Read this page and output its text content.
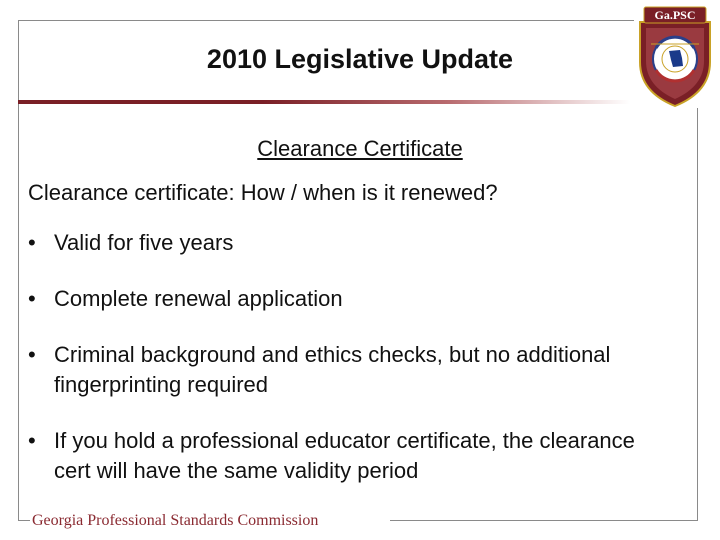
2010 Legislative Update
Clearance Certificate
Clearance certificate: How / when is it renewed?
• Valid for five years
• Complete renewal application
• Criminal background and ethics checks, but no additional fingerprinting required
• If you hold a professional educator certificate, the clearance cert will have the same validity period
Georgia Professional Standards Commission
Ga.PSC
